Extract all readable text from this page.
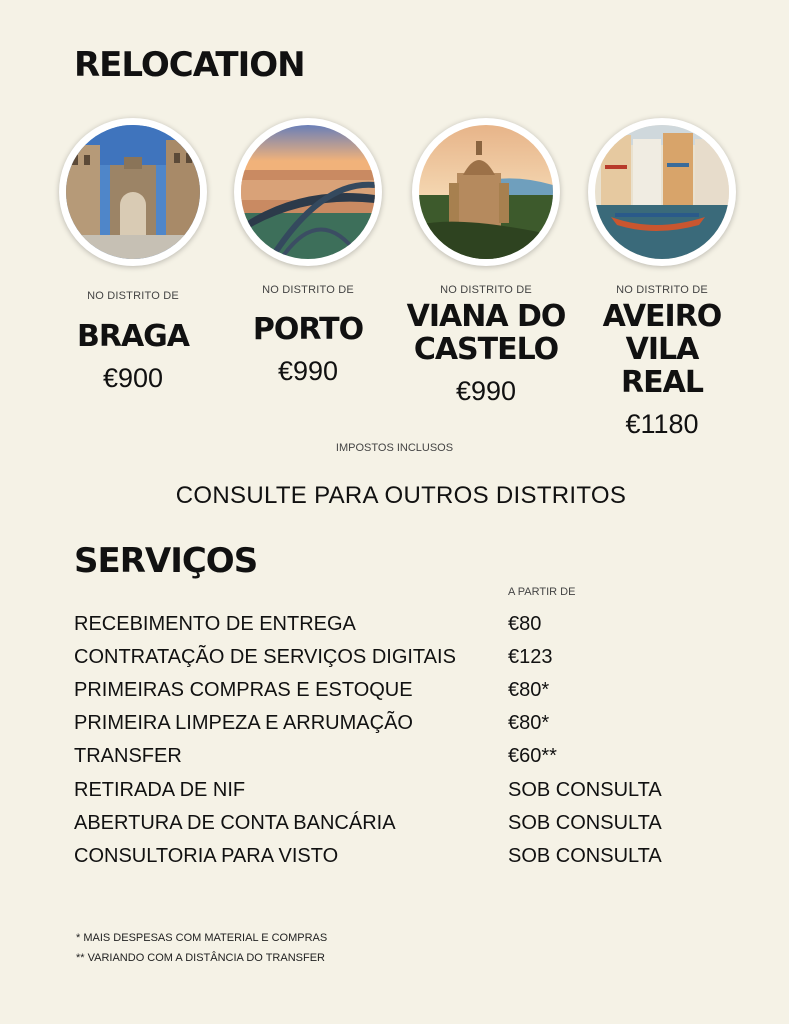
RELOCATION
NO DISTRITO DE
BRAGA
€900
NO DISTRITO DE
PORTO
€990
NO DISTRITO DE
VIANA DO
CASTELO
€990
NO DISTRITO DE
AVEIRO
VILA REAL
€1180
IMPOSTOS INCLUSOS
CONSULTE PARA OUTROS DISTRITOS
SERVIÇOS
A PARTIR DE
RECEBIMENTO DE ENTREGA	€80
CONTRATAÇÃO DE SERVIÇOS DIGITAIS	€123
PRIMEIRAS COMPRAS E ESTOQUE	€80*
PRIMEIRA LIMPEZA E ARRUMAÇÃO	€80*
TRANSFER	€60**
RETIRADA DE NIF	SOB CONSULTA
ABERTURA DE CONTA BANCÁRIA	SOB CONSULTA
CONSULTORIA PARA VISTO	SOB CONSULTA
* MAIS DESPESAS COM MATERIAL E COMPRAS
** VARIANDO COM A DISTÂNCIA DO TRANSFER
